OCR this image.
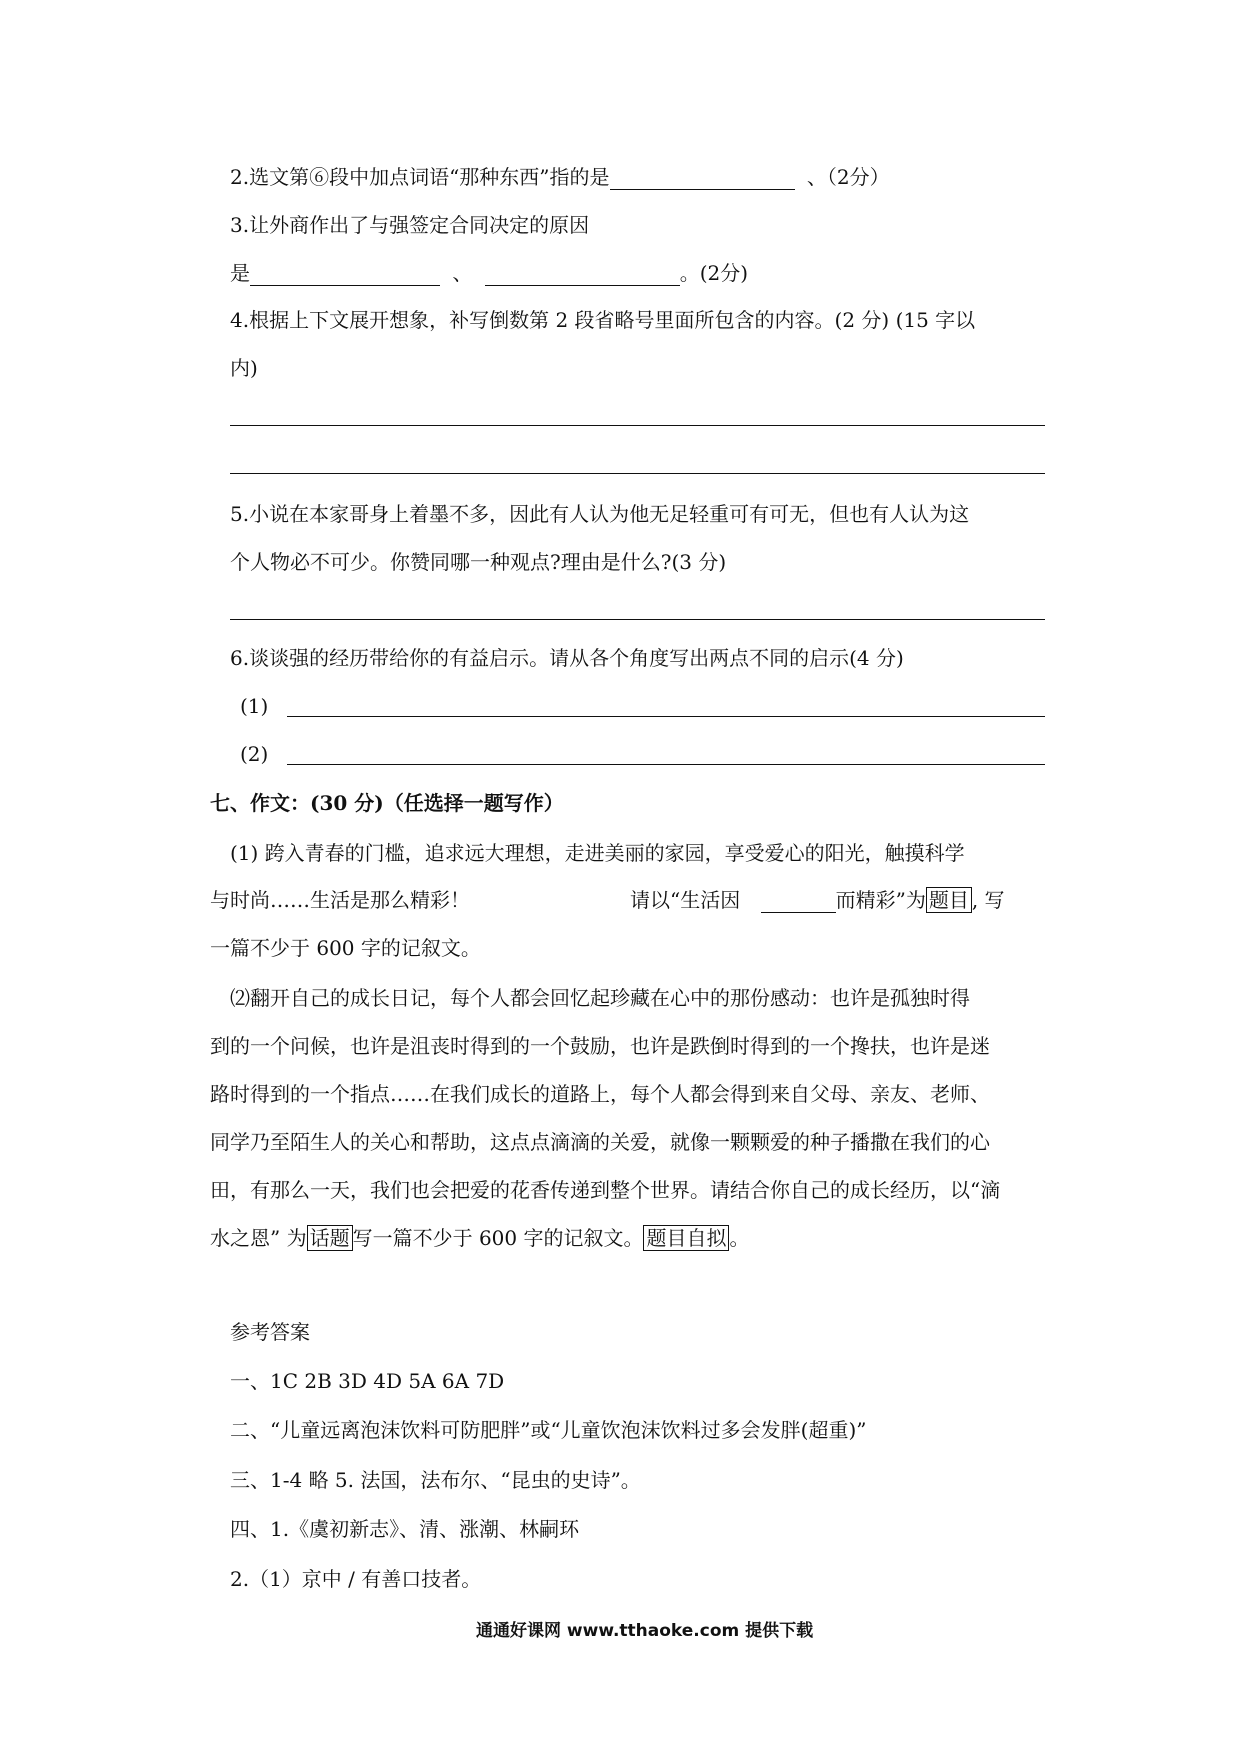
2.选文第⑥段中加点词语“那种东西”指的是	、（2分）
3.让外商作出了与强签定合同决定的原因
是	、	。(2分)
4.根据上下文展开想象，补写倒数第 2 段省略号里面所包含的内容。(2 分) (15 字以
内)
5.小说在本家哥身上着墨不多，因此有人认为他无足轻重可有可无，但也有人认为这
个人物必不可少。你赞同哪一种观点?理由是什么?(3 分)
6.谈谈强的经历带给你的有益启示。请从各个角度写出两点不同的启示(4 分)
(1)
(2)
七、作文：(30 分)（任选择一题写作）
(1) 跨入青春的门槛，追求远大理想，走进美丽的家园，享受爱心的阳光，触摸科学
与时尚……生活是那么精彩！	请以“生活因	而精彩”为 题目 , 写
一篇不少于 600 字的记叙文。
⑵翻开自己的成长日记，每个人都会回忆起珍藏在心中的那份感动：也许是孤独时得
到的一个问候，也许是沮丧时得到的一个鼓励，也许是跌倒时得到的一个搀扶，也许是迷
路时得到的一个指点……在我们成长的道路上，每个人都会得到来自父母、亲友、老师、
同学乃至陌生人的关心和帮助，这点点滴滴的关爱，就像一颗颗爱的种子播撒在我们的心
田，有那么一天，我们也会把爱的花香传递到整个世界。请结合你自己的成长经历，以“滴
水之恩” 为 话题 写一篇不少于 600 字的记叙文。 题目自拟 。
参考答案
一、1C 2B 3D 4D 5A 6A 7D
二、“儿童远离泡沫饮料可防肥胖”或“儿童饮泡沫饮料过多会发胖(超重)”
三、1-4 略 5. 法国，法布尔、“昆虫的史诗”。
四、1.《虞初新志》、清、涨潮、林嗣环
2.（1）京中 / 有善口技者。
通通好课网 www.tthaoke.com 提供下载
